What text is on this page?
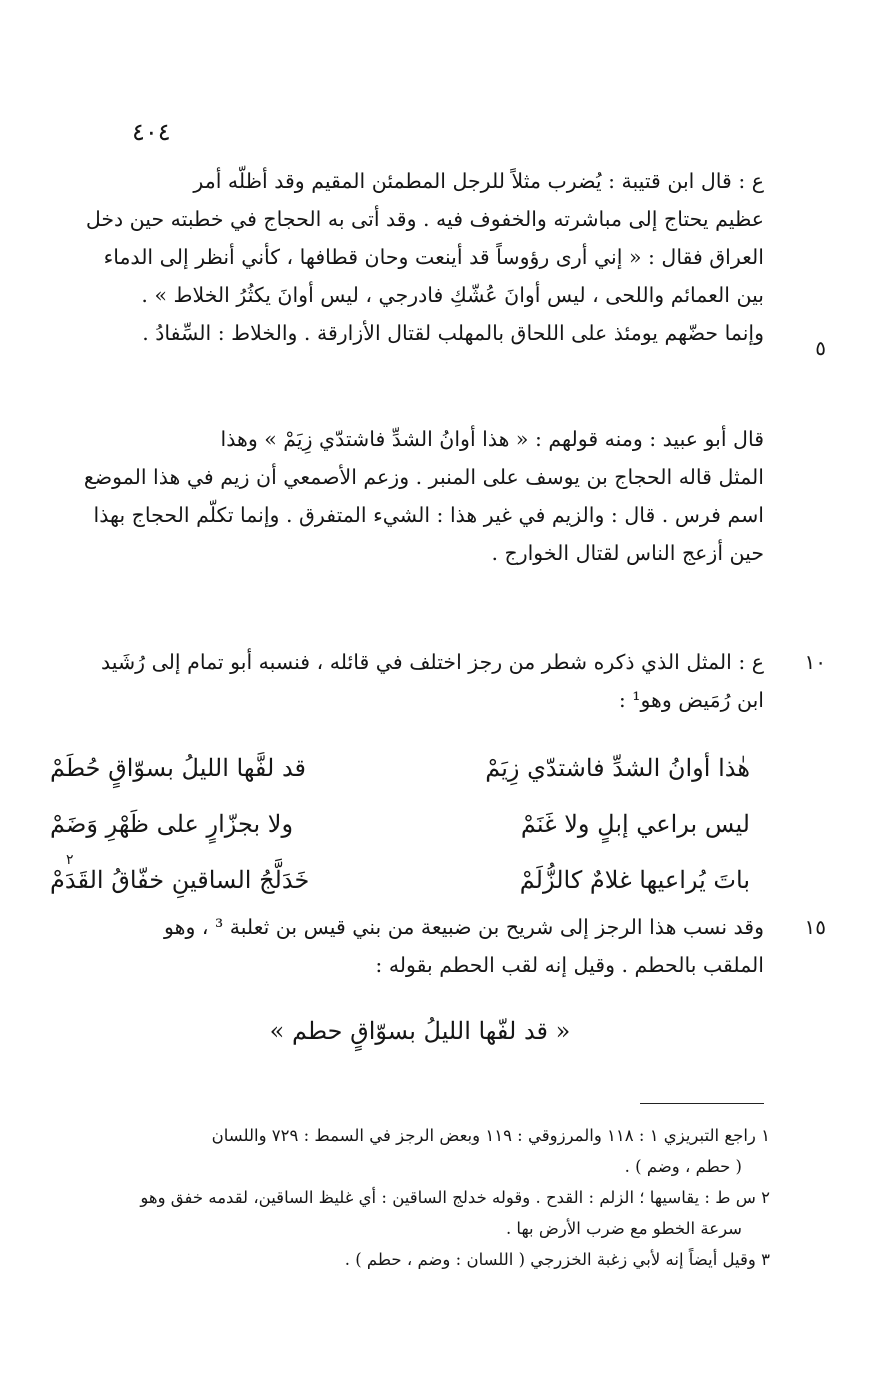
٤٠٤
ع : قال ابن قتيبة : يُضرب مثلاً للرجل المطمئن المقيم وقد أظلّه أمر
عظيم يحتاج إلى مباشرته والخفوف فيه . وقد أتى به الحجاج في خطبته حين دخل
العراق فقال : « إني أرى رؤوساً قد أينعت وحان قطافها ، كأني أنظر إلى الدماء
بين العمائم واللحى ، ليس أوانَ عُشّكِ فادرجي ، ليس أوانَ يكثُرُ الخلاط » .
وإنما حضّهم يومئذ على اللحاق بالمهلب لقتال الأزارقة . والخلاط : السِّفادُ .
٥
قال أبو عبيد : ومنه قولهم : « هذا أوانُ الشدِّ فاشتدّي زِيَمْ » وهذا
المثل قاله الحجاج بن يوسف على المنبر . وزعم الأصمعي أن زيم في هذا الموضع
اسم فرس . قال : والزيم في غير هذا : الشيء المتفرق . وإنما تكلّم الحجاج بهذا
حين أزعج الناس لقتال الخوارج .
ع : المثل الذي ذكره شطر من رجز اختلف في قائله ، فنسبه أبو تمام إلى رُشَيد
ابن رُمَيض وهو¹ :
١٠
هٰذا أوانُ الشدِّ فاشتدّي زِيَمْ
قد لفَّها الليلُ بسوّاقٍ حُطَمْ
ليس براعي إبلٍ ولا غَنَمْ
ولا بجزّارٍ على ظَهْرِ وَضَمْ
باتَ يُراعيها غلامٌ كالزُّلَمْ
خَدَلَّجُ الساقينِ خفّاقُ القَدَمْ
٢
وقد نسب هذا الرجز إلى شريح بن ضبيعة من بني قيس بن ثعلبة ³ ، وهو
الملقب بالحطم . وقيل إنه لقب الحطم بقوله :
١٥
« قد لفّها الليلُ بسوّاقٍ حطم »
١ راجع التبريزي ١ : ١١٨ والمرزوقي : ١١٩ وبعض الرجز في السمط : ٧٢٩ واللسان
( حطم ، وضم ) .
٢ س ط : يقاسيها ؛ الزلم : القدح . وقوله خدلج الساقين : أي غليظ الساقين، لقدمه خفق وهو
سرعة الخطو مع ضرب الأرض بها .
٣ وقيل أيضاً إنه لأبي زغبة الخزرجي ( اللسان : وضم ، حطم ) .
